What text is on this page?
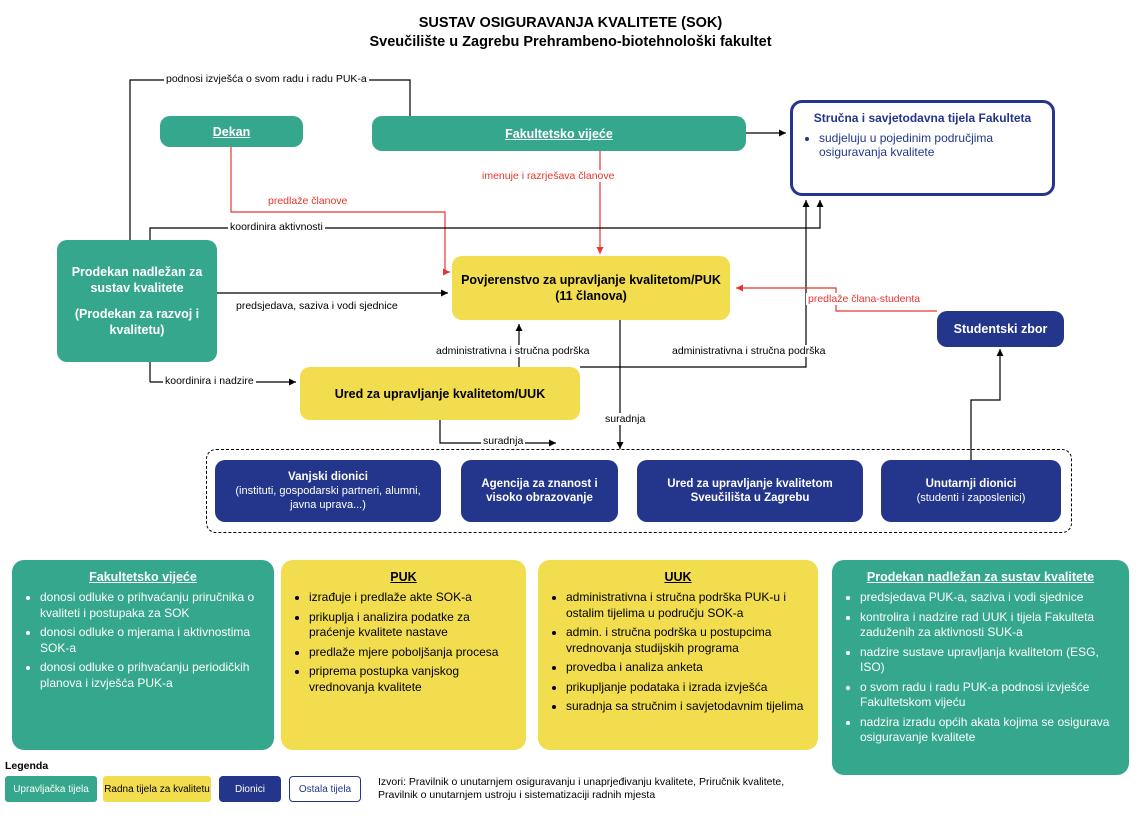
SUSTAV OSIGURAVANJA KVALITETE (SOK)
Sveučilište u Zagrebu Prehrambeno-biotehnološki fakultet
podnosi izvješća o svom radu i radu PUK-a
predlaže članove
imenuje i razrješava članove
koordinira aktivnosti
predsjedava, saziva i vodi sjednice
koordinira i nadzire
administrativna i stručna podrška	administrativna i stručna podrška
predlaže člana-studenta
suradnja
suradnja
Dekan	Fakultetsko vijeće
Stručna i savjetodavna tijela Fakulteta
• sudjeluju u pojedinim područjima osiguravanja kvalitete
Prodekan nadležan za sustav kvalitete
(Prodekan za razvoj i kvalitetu)
Povjerenstvo za upravljanje kvalitetom/PUK
(11 članova)
Ured za upravljanje kvalitetom/UUK
Studentski zbor
Vanjski dionici
(instituti, gospodarski partneri, alumni, javna uprava...)
Agencija za znanost i visoko obrazovanje
Ured za upravljanje kvalitetom Sveučilišta u Zagrebu
Unutarnji dionici
(studenti i zaposlenici)
Fakultetsko vijeće
• donosi odluke o prihvaćanju priručnika o kvaliteti i postupaka za SOK
• donosi odluke o mjerama i aktivnostima SOK-a
• donosi odluke o prihvaćanju periodičkih planova i izvješća PUK-a
PUK
• izrađuje i predlaže akte SOK-a
• prikuplja i analizira podatke za praćenje kvalitete nastave
• predlaže mjere poboljšanja procesa
• priprema postupka vanjskog vrednovanja kvalitete
UUK
• administrativna i stručna podrška PUK-u i ostalim tijelima u području SOK-a
• admin. i stručna podrška u postupcima vrednovanja studijskih programa
• provedba i analiza anketa
• prikupljanje podataka i izrada izvješća
• suradnja sa stručnim i savjetodavnim tijelima
Prodekan nadležan za sustav kvalitete
• predsjedava PUK-a, saziva i vodi sjednice
• kontrolira i nadzire rad UUK i tijela Fakulteta zaduženih za aktivnosti SUK-a
• nadzire sustave upravljanja kvalitetom (ESG, ISO)
• o svom radu i radu PUK-a podnosi izvješće Fakultetskom vijeću
• nadzira izradu općih akata kojima se osigurava osiguravanje kvalitete
Legenda
Upravljačka tijela	Radna tijela za kvalitetu	Dionici	Ostala tijela
Izvori: Pravilnik o unutarnjem osiguravanju i unaprjeđivanju kvalitete, Priručnik kvalitete, Pravilnik o unutarnjem ustroju i sistematizaciji radnih mjesta
